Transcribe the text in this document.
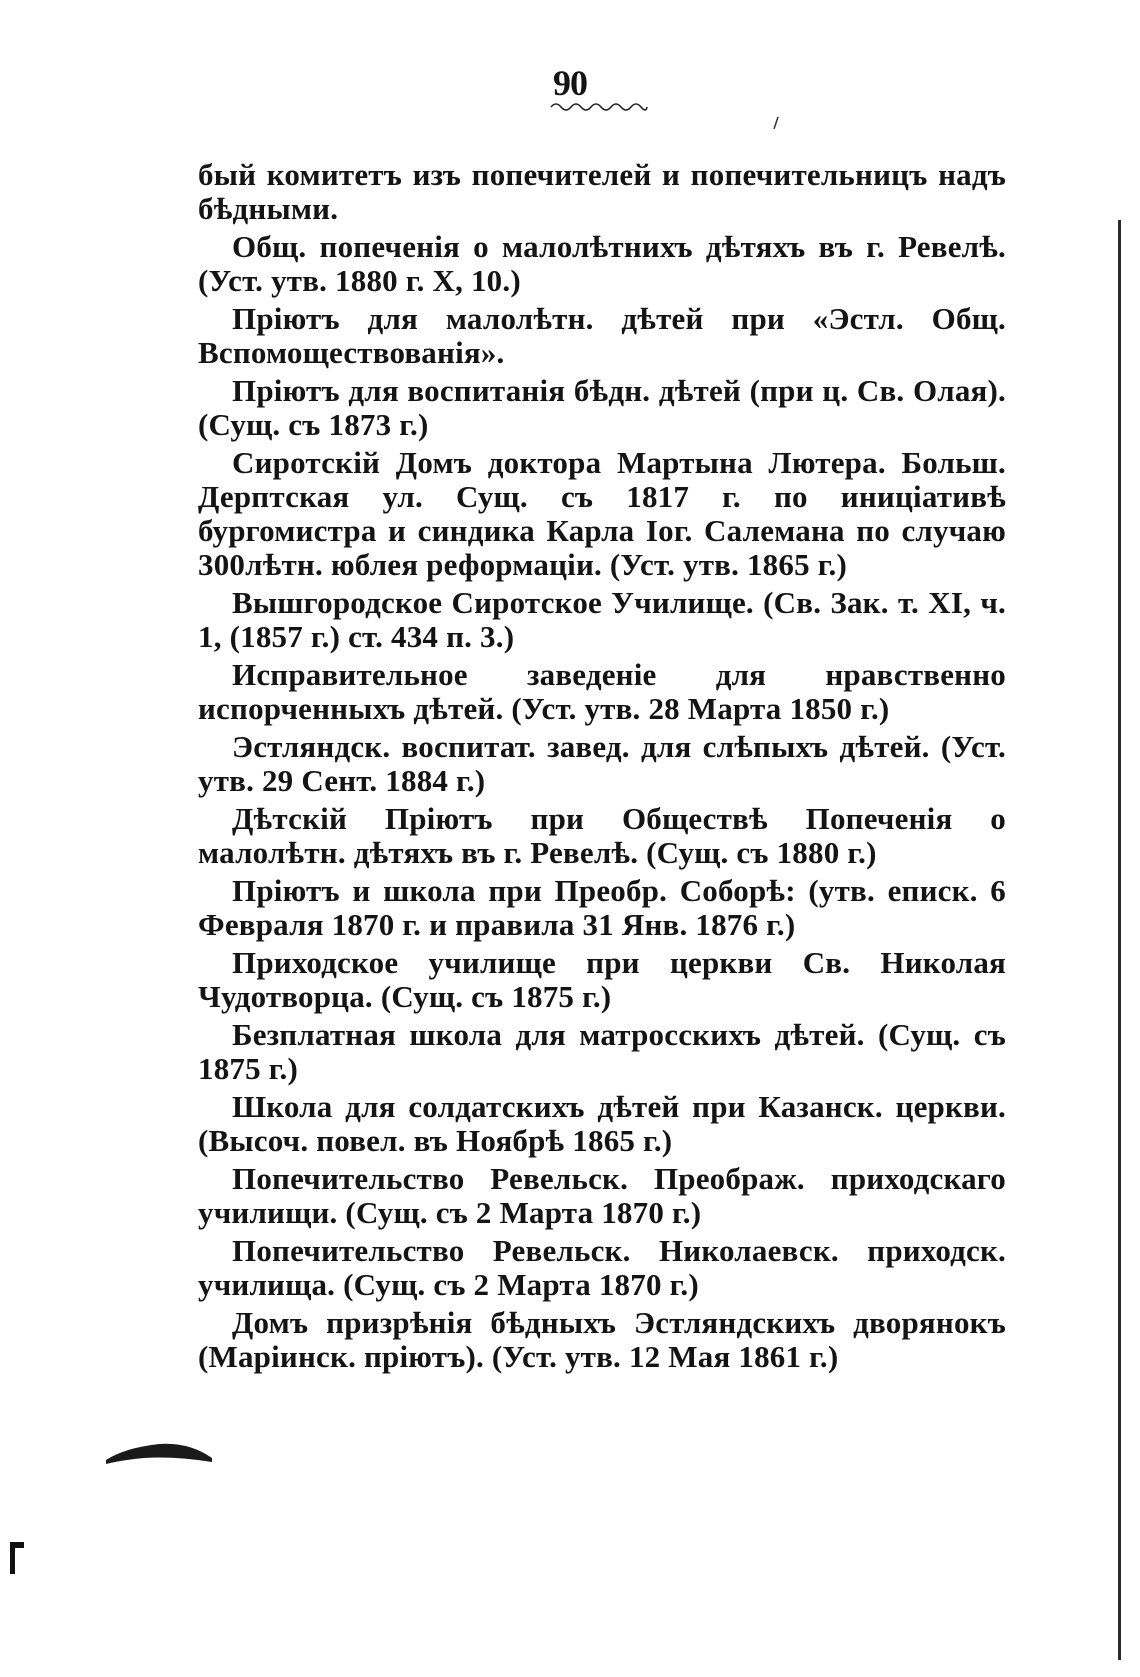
90

бый комитетъ изъ попечителей и попечительницъ надъ бѣдными.

Общ. попеченія о малолѣтнихъ дѣтяхъ въ г. Ревелѣ. (Уст. утв. 1880 г. X, 10.)

Пріютъ для малолѣтн. дѣтей при «Эстл. Общ. Вспомоществованія».

Пріютъ для воспитанія бѣдн. дѣтей (при ц. Св. Олая). (Сущ. съ 1873 г.)

Сиротскій Домъ доктора Мартына Лютера. Больш. Дерптская ул. Сущ. съ 1817 г. по иниціативѣ бургомистра и синдика Карла Іог. Салемана по случаю 300лѣтн. юблея реформаціи. (Уст. утв. 1865 г.)

Вышгородское Сиротское Училище. (Св. Зак. т. XI, ч. 1, (1857 г.) ст. 434 п. 3.)

Исправительное заведеніе для нравственно испорченныхъ дѣтей. (Уст. утв. 28 Марта 1850 г.)

Эстляндск. воспитат. завед. для слѣпыхъ дѣтей. (Уст. утв. 29 Сент. 1884 г.)

Дѣтскій Пріютъ при Обществѣ Попеченія о малолѣтн. дѣтяхъ въ г. Ревелѣ. (Сущ. съ 1880 г.)

Пріютъ и школа при Преобр. Соборѣ: (утв. еписк. 6 Февраля 1870 г. и правила 31 Янв. 1876 г.)

Приходское училище при церкви Св. Николая Чудотворца. (Сущ. съ 1875 г.)

Безплатная школа для матросскихъ дѣтей. (Сущ. съ 1875 г.)

Школа для солдатскихъ дѣтей при Казанск. церкви. (Высоч. повел. въ Ноябрѣ 1865 г.)

Попечительство Ревельск. Преображ. приходскаго училищи. (Сущ. съ 2 Марта 1870 г.)

Попечительство Ревельск. Николаевск. приходск. училища. (Сущ. съ 2 Марта 1870 г.)

Домъ призрѣнія бѣдныхъ Эстляндскихъ дворянокъ (Маріинск. пріютъ). (Уст. утв. 12 Мая 1861 г.)
